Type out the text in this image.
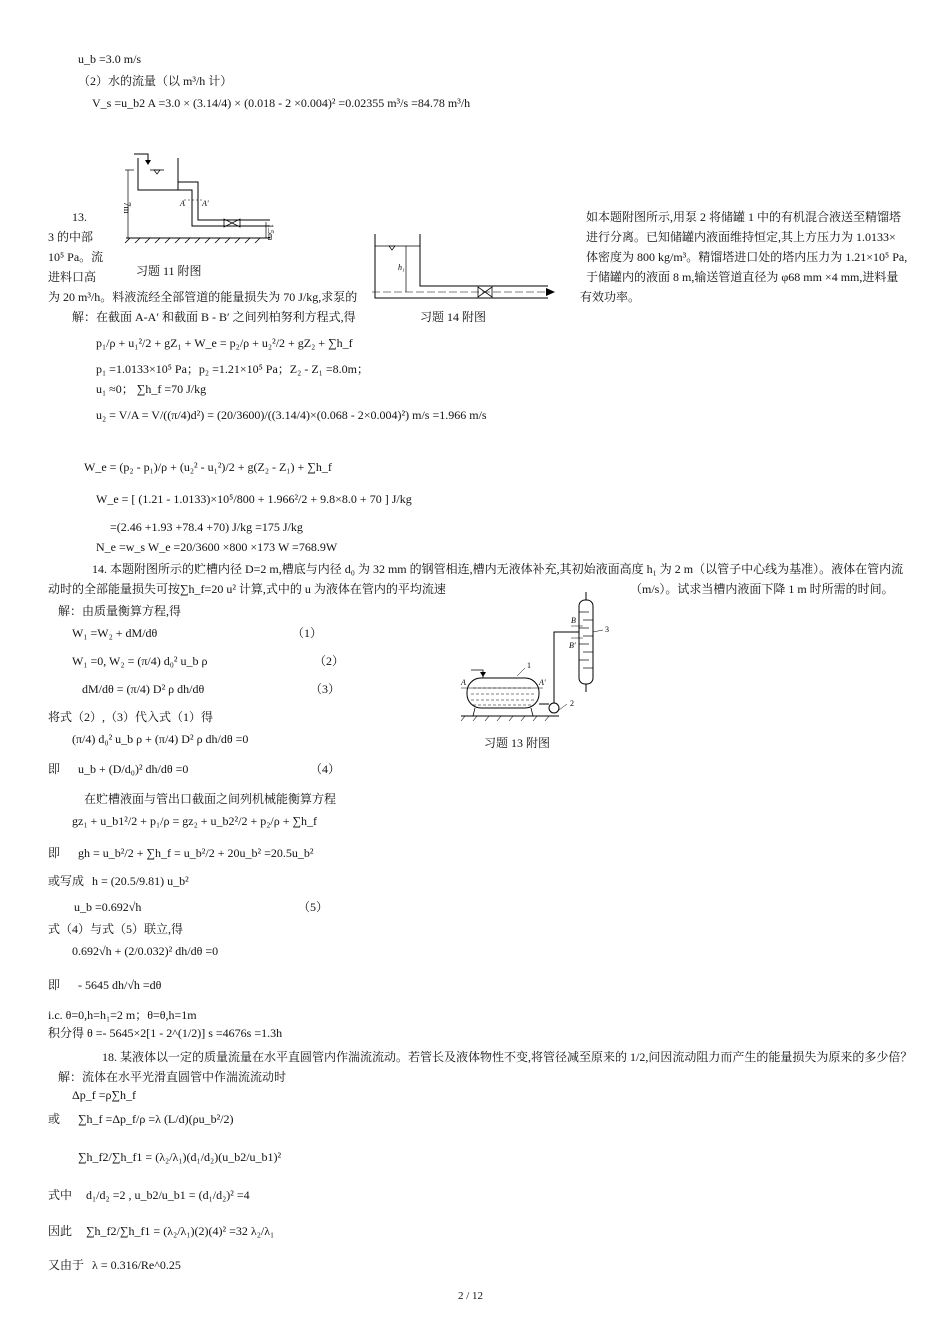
u_b =3.0 m/s
（2）水的流量（以 m³/h 计）
V_s =u_b2 A =3.0 × (3.14/4) × (0.018 - 2 ×0.004)² =0.02355 m³/s =84.78 m³/h
7m
1.5m
A A′
习题 11 附图
13.	如本题附图所示,用泵 2 将储罐 1 中的有机混合液送至精馏塔
3 的中部	进行分离。已知储罐内液面维持恒定,其上方压力为 1.0133×
10⁵ Pa。流	体密度为 800 kg/m³。精馏塔进口处的塔内压力为 1.21×10⁵ Pa,
进料口高	于储罐内的液面 8 m,输送管道直径为 φ68 mm ×4 mm,进料量
为 20 m³/h。料液流经全部管道的能量损失为 70 J/kg,求泵的	有效功率。
h₁
习题 14 附图
解：在截面 A-A′ 和截面 B - B′ 之间列柏努利方程式,得
p₁/ρ + u₁²/2 + gZ₁ + W_e = p₂/ρ + u₂²/2 + gZ₂ + ∑h_f
p₁ =1.0133×10⁵ Pa；p₂ =1.21×10⁵ Pa；Z₂ - Z₁ =8.0m；
u₁ ≈0； ∑h_f =70 J/kg
u₂ = V/A = V/((π/4)d²) = (20/3600)/((3.14/4)×(0.068 - 2×0.004)²) m/s =1.966 m/s
W_e = (p₂ - p₁)/ρ + (u₂² - u₁²)/2 + g(Z₂ - Z₁) + ∑h_f
W_e = [ (1.21 - 1.0133)×10⁵/800 + 1.966²/2 + 9.8×8.0 + 70 ] J/kg
=(2.46 +1.93 +78.4 +70) J/kg =175 J/kg
N_e =w_s W_e =20/3600 ×800 ×173 W =768.9W
14. 本题附图所示的贮槽内径 D=2 m,槽底与内径 d₀ 为 32 mm 的钢管相连,槽内无液体补充,其初始液面高度 h₁ 为 2 m（以管子中心线为基准）。液体在管内流
动时的全部能量损失可按∑h_f=20 u² 计算,式中的 u 为液体在管内的平均流速	（m/s）。试求当槽内液面下降 1 m 时所需的时间。
解：由质量衡算方程,得
W₁ =W₂ + dM/dθ	（1）
W₁ =0, W₂ = (π/4) d₀² u_b ρ	（2）
dM/dθ = (π/4) D² ρ dh/dθ	（3）
将式（2）,（3）代入式（1）得
(π/4) d₀² u_b ρ + (π/4) D² ρ dh/dθ =0
即 u_b + (D/d₀)² dh/dθ =0	（4）
在贮槽液面与管出口截面之间列机械能衡算方程
gz₁ + u_b1²/2 + p₁/ρ = gz₂ + u_b2²/2 + p₂/ρ + ∑h_f
即 gh = u_b²/2 + ∑h_f = u_b²/2 + 20u_b² =20.5u_b²
或写成 h = (20.5/9.81) u_b²
u_b =0.692√h	（5）
式（4）与式（5）联立,得
0.692√h + (2/0.032)² dh/dθ =0
即 - 5645 dh/√h =dθ
i.c. θ=0,h=h₁=2 m；θ=θ,h=1m
积分得 θ =- 5645×2[1 - 2^(1/2)] s =4676s =1.3h
1
2
3
A	A′
B
B′
习题 13 附图
18. 某液体以一定的质量流量在水平直圆管内作湍流流动。若管长及液体物性不变,将管径减至原来的 1/2,问因流动阻力而产生的能量损失为原来的多少倍？
解：流体在水平光滑直圆管中作湍流流动时
Δp_f =ρ∑h_f
或 ∑h_f =Δp_f/ρ =λ (L/d)(ρu_b²/2)
∑h_f2/∑h_f1 = (λ₂/λ₁)(d₁/d₂)(u_b2/u_b1)²
式中 d₁/d₂ =2 , u_b2/u_b1 = (d₁/d₂)² =4
因此 ∑h_f2/∑h_f1 = (λ₂/λ₁)(2)(4)² =32 λ₂/λ₁
又由于 λ = 0.316/Re^0.25
2 / 12
